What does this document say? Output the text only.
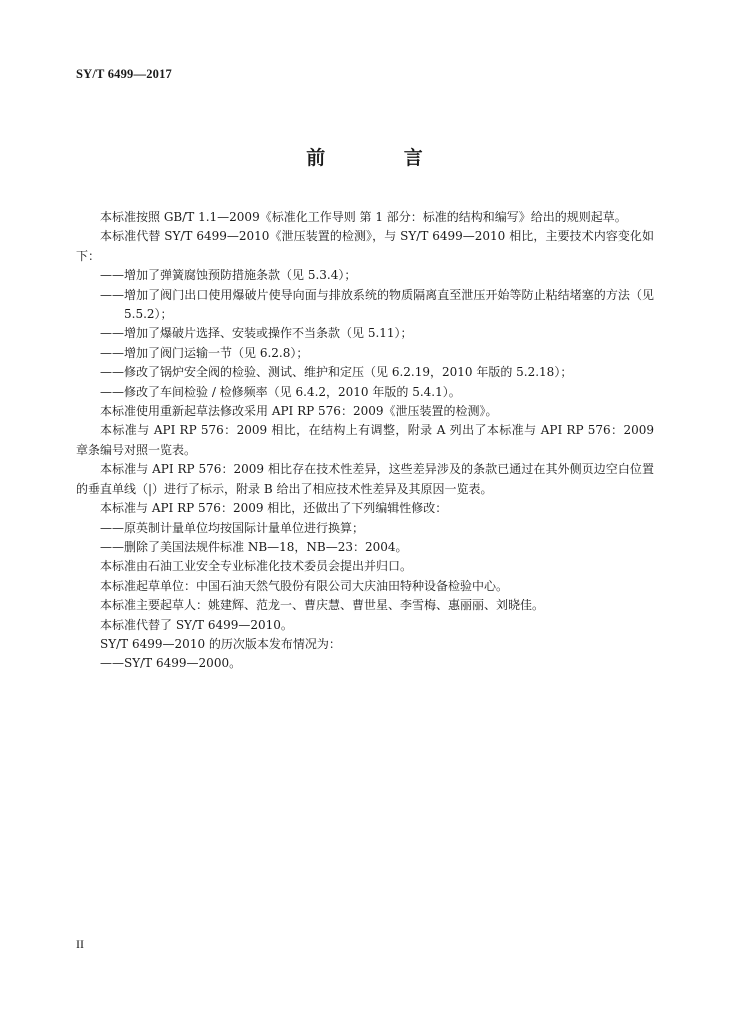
SY/T 6499—2017
前 言

本标准按照 GB/T 1.1—2009《标准化工作导则 第 1 部分：标准的结构和编写》给出的规则起草。

本标准代替 SY/T 6499—2010《泄压装置的检测》，与 SY/T 6499—2010 相比，主要技术内容变化如下：

——增加了弹簧腐蚀预防措施条款（见 5.3.4）；

——增加了阀门出口使用爆破片使导向面与排放系统的物质隔离直至泄压开始等防止粘结堵塞的方法（见 5.5.2）；

——增加了爆破片选择、安装或操作不当条款（见 5.11）；

——增加了阀门运输一节（见 6.2.8）；

——修改了锅炉安全阀的检验、测试、维护和定压（见 6.2.19，2010 年版的 5.2.18）；

——修改了车间检验 / 检修频率（见 6.4.2，2010 年版的 5.4.1）。

本标准使用重新起草法修改采用 API RP 576：2009《泄压装置的检测》。

本标准与 API RP 576：2009 相比，在结构上有调整，附录 A 列出了本标准与 API RP 576：2009 章条编号对照一览表。

本标准与 API RP 576：2009 相比存在技术性差异，这些差异涉及的条款已通过在其外侧页边空白位置的垂直单线（|）进行了标示，附录 B 给出了相应技术性差异及其原因一览表。

本标准与 API RP 576：2009 相比，还做出了下列编辑性修改：

——原英制计量单位均按国际计量单位进行换算；

——删除了美国法规件标准 NB—18，NB—23：2004。

本标准由石油工业安全专业标准化技术委员会提出并归口。

本标准起草单位：中国石油天然气股份有限公司大庆油田特种设备检验中心。

本标准主要起草人：姚建辉、范龙一、曹庆慧、曹世星、李雪梅、惠丽丽、刘晓佳。

本标准代替了 SY/T 6499—2010。

SY/T 6499—2010 的历次版本发布情况为：

——SY/T 6499—2000。

II
